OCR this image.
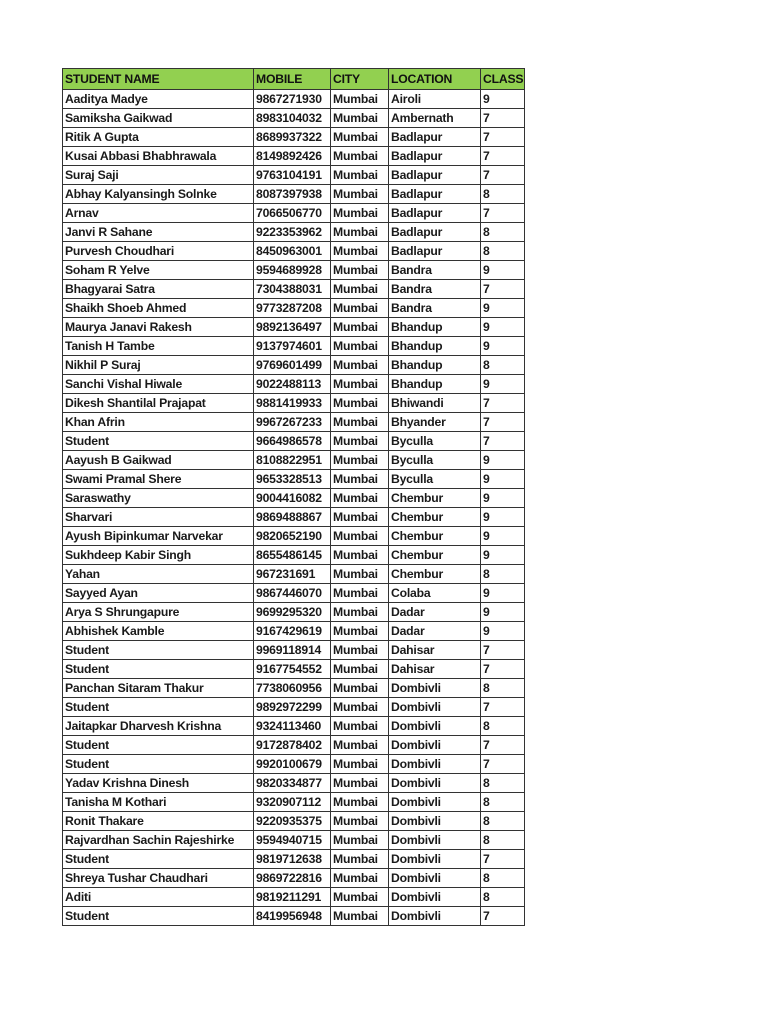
STUDENT NAME	MOBILE	CITY	LOCATION	CLASS
Aaditya Madye	9867271930	Mumbai	Airoli	9
Samiksha Gaikwad	8983104032	Mumbai	Ambernath	7
Ritik A Gupta	8689937322	Mumbai	Badlapur	7
Kusai Abbasi Bhabhrawala	8149892426	Mumbai	Badlapur	7
Suraj Saji	9763104191	Mumbai	Badlapur	7
Abhay Kalyansingh Solnke	8087397938	Mumbai	Badlapur	8
Arnav	7066506770	Mumbai	Badlapur	7
Janvi R Sahane	9223353962	Mumbai	Badlapur	8
Purvesh Choudhari	8450963001	Mumbai	Badlapur	8
Soham R Yelve	9594689928	Mumbai	Bandra	9
Bhagyarai Satra	7304388031	Mumbai	Bandra	7
Shaikh Shoeb Ahmed	9773287208	Mumbai	Bandra	9
Maurya Janavi Rakesh	9892136497	Mumbai	Bhandup	9
Tanish H Tambe	9137974601	Mumbai	Bhandup	9
Nikhil P Suraj	9769601499	Mumbai	Bhandup	8
Sanchi Vishal Hiwale	9022488113	Mumbai	Bhandup	9
Dikesh Shantilal Prajapat	9881419933	Mumbai	Bhiwandi	7
Khan Afrin	9967267233	Mumbai	Bhyander	7
Student	9664986578	Mumbai	Byculla	7
Aayush B Gaikwad	8108822951	Mumbai	Byculla	9
Swami Pramal Shere	9653328513	Mumbai	Byculla	9
Saraswathy	9004416082	Mumbai	Chembur	9
Sharvari	9869488867	Mumbai	Chembur	9
Ayush Bipinkumar Narvekar	9820652190	Mumbai	Chembur	9
Sukhdeep Kabir Singh	8655486145	Mumbai	Chembur	9
Yahan	967231691	Mumbai	Chembur	8
Sayyed Ayan	9867446070	Mumbai	Colaba	9
Arya S Shrungapure	9699295320	Mumbai	Dadar	9
Abhishek Kamble	9167429619	Mumbai	Dadar	9
Student	9969118914	Mumbai	Dahisar	7
Student	9167754552	Mumbai	Dahisar	7
Panchan Sitaram Thakur	7738060956	Mumbai	Dombivli	8
Student	9892972299	Mumbai	Dombivli	7
Jaitapkar Dharvesh Krishna	9324113460	Mumbai	Dombivli	8
Student	9172878402	Mumbai	Dombivli	7
Student	9920100679	Mumbai	Dombivli	7
Yadav Krishna Dinesh	9820334877	Mumbai	Dombivli	8
Tanisha M Kothari	9320907112	Mumbai	Dombivli	8
Ronit Thakare	9220935375	Mumbai	Dombivli	8
Rajvardhan Sachin Rajeshirke	9594940715	Mumbai	Dombivli	8
Student	9819712638	Mumbai	Dombivli	7
Shreya Tushar Chaudhari	9869722816	Mumbai	Dombivli	8
Aditi	9819211291	Mumbai	Dombivli	8
Student	8419956948	Mumbai	Dombivli	7
